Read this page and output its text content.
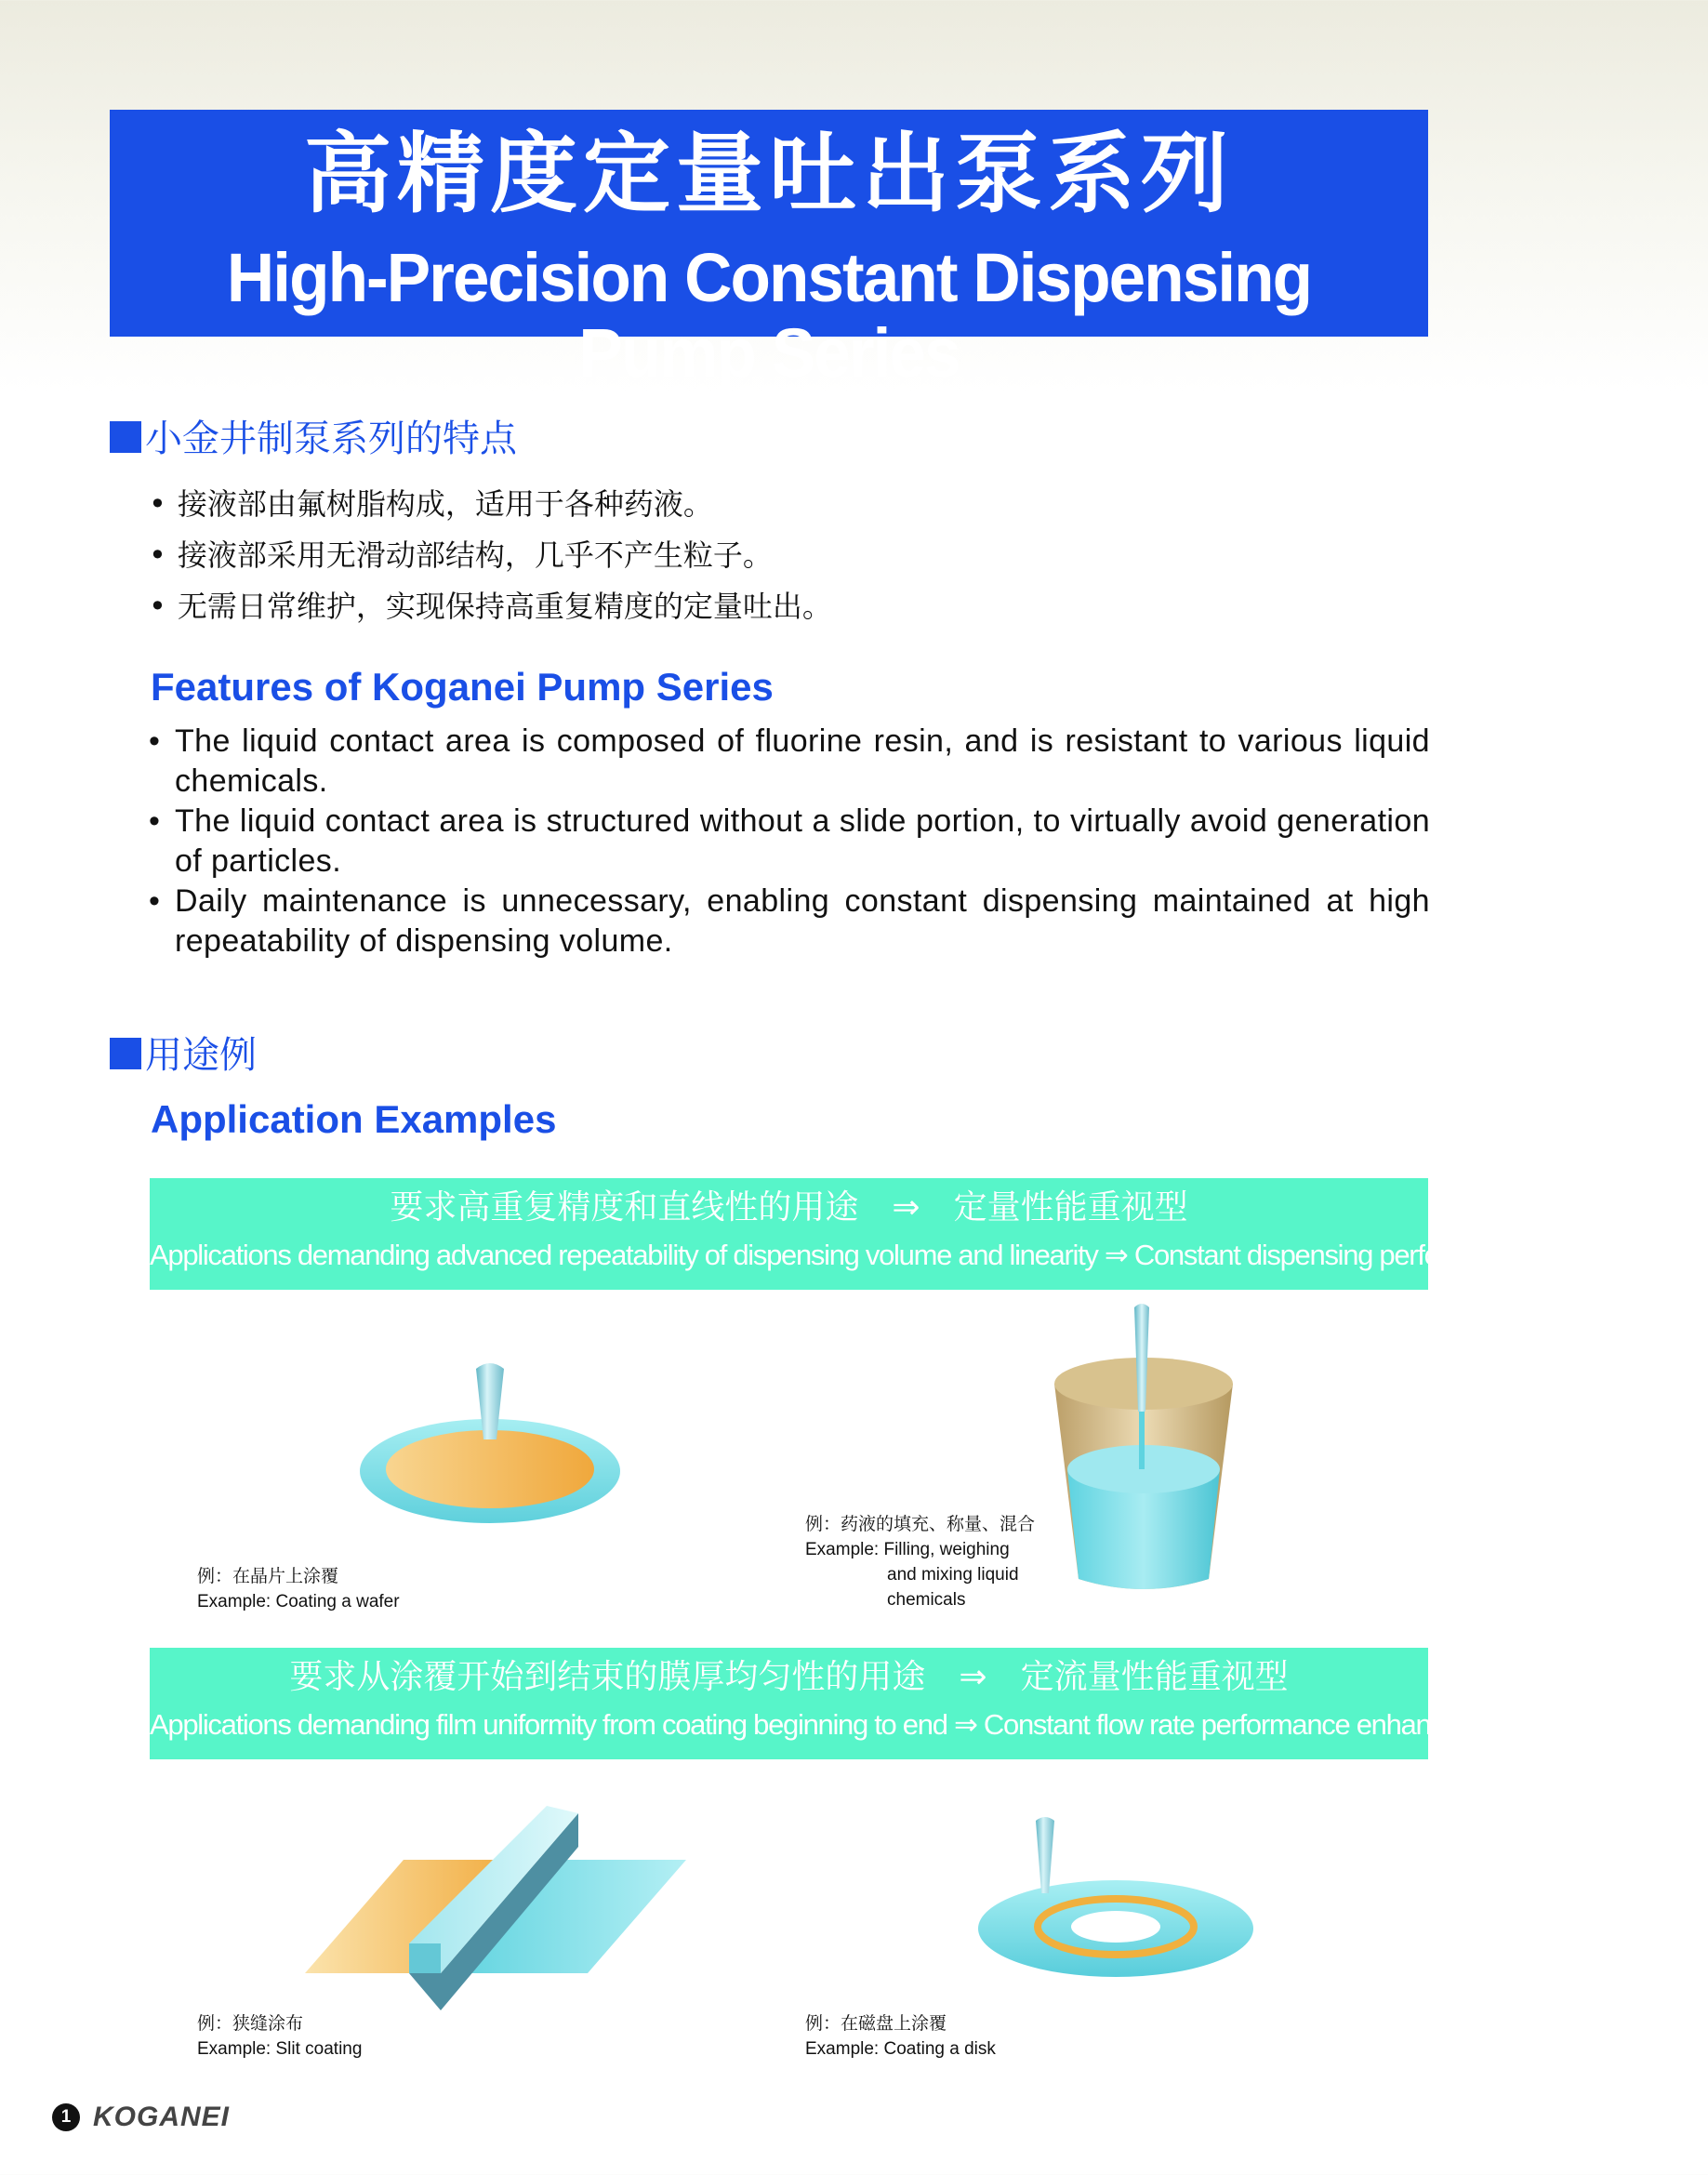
高精度定量吐出泵系列
High-Precision Constant Dispensing Pump Series
小金井制泵系列的特点
• 接液部由氟树脂构成，适用于各种药液。
• 接液部采用无滑动部结构，几乎不产生粒子。
• 无需日常维护，实现保持高重复精度的定量吐出。
Features of Koganei Pump Series
• The liquid contact area is composed of fluorine resin, and is resistant to various liquid chemicals.
• The liquid contact area is structured without a slide portion, to virtually avoid generation of particles.
• Daily maintenance is unnecessary, enabling constant dispensing maintained at high repeatability of dispensing volume.
用途例
Application Examples
要求高重复精度和直线性的用途　⇒　定量性能重视型
Applications demanding advanced repeatability of dispensing volume and linearity ⇒ Constant dispensing performance enhanced type
例：在晶片上涂覆
Example: Coating a wafer
例：药液的填充、称量、混合
Example: Filling, weighing
and mixing liquid
chemicals
要求从涂覆开始到结束的膜厚均匀性的用途　⇒　定流量性能重视型
Applications demanding film uniformity from coating beginning to end ⇒ Constant flow rate performance enhanced type
例：狭缝涂布
Example: Slit coating
例：在磁盘上涂覆
Example: Coating a disk
1 KOGANEI
